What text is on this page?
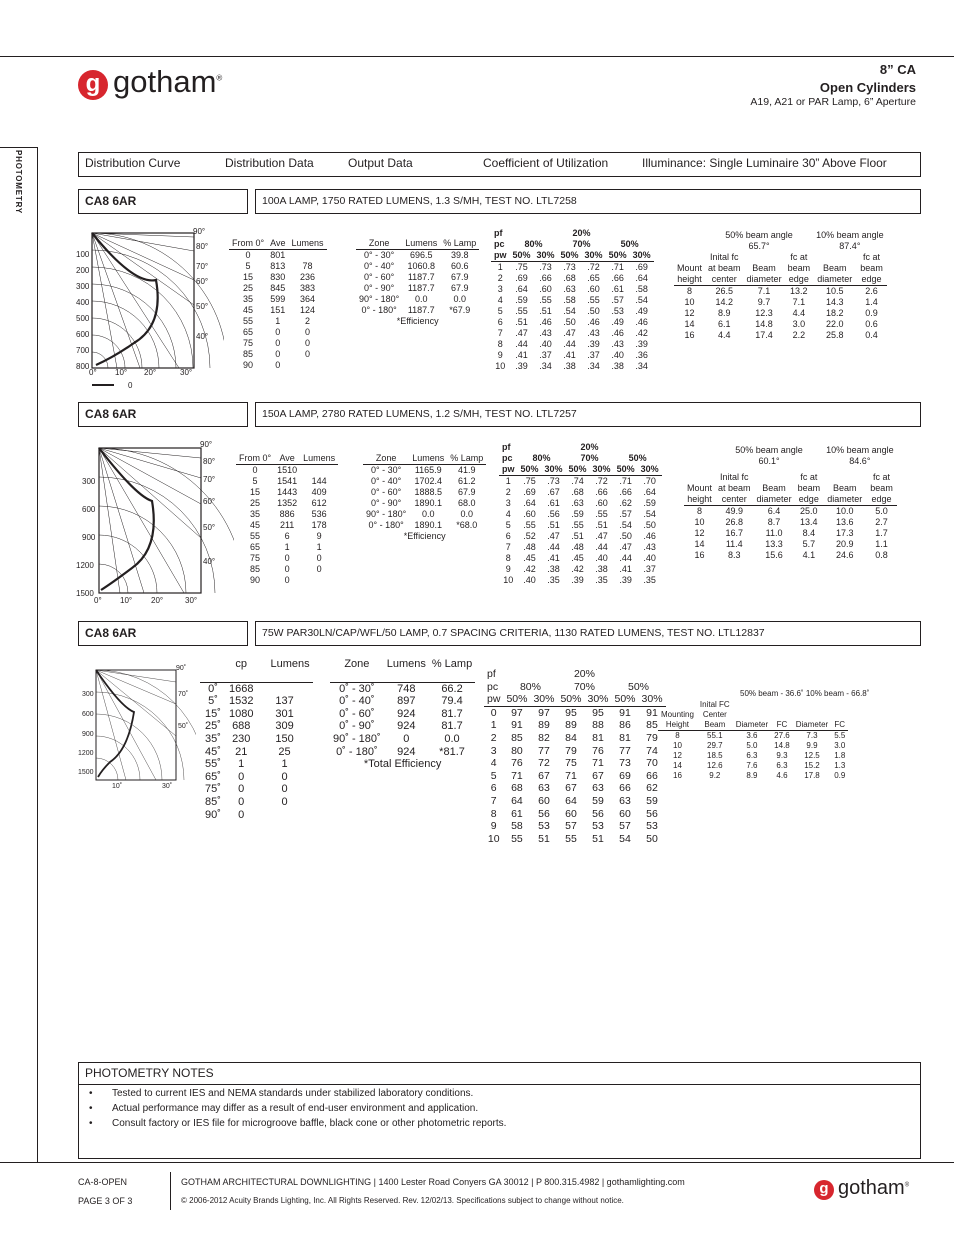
g gotham®
8” CA
Open Cylinders
A19, A21 or PAR Lamp, 6” Aperture
PHOTOMETRY	Distribution Curve	Distribution Data	Output Data	Coefficient of Utilization	Illuminance: Single Luminaire 30” Above Floor
CA8 6AR	100A LAMP, 1750 RATED LUMENS, 1.3 S/MH, TEST NO. LTL7258
90°
80°
70°
60°
50°
40°
100
200
300
400
500
600
700
800
0° 10° 20°	30°
0
From 0°	Ave	Lumens
0	801	
5	813	78
15	830	236
25	845	383
35	599	364
45	151	124
55	1	2
65	0	0
75	0	0
85	0	0
90	0	
Zone	Lumens	% Lamp
0° - 30°	696.5	39.8
0° - 40°	1060.8	60.6
0° - 60°	1187.7	67.9
0° - 90°	1187.7	67.9
90° - 180°	0.0	0.0
0° - 180°	1187.7	*67.9
*Efficiency		
pf	20%					
pc	80%		70%		50%	
pw	50%	30%	50%	30%	50%	30%
1	.75	.73	.73	.72	.71	.69
2	.69	.66	.68	.65	.66	.64
3	.64	.60	.63	.60	.61	.58
4	.59	.55	.58	.55	.57	.54
5	.55	.51	.54	.50	.53	.49
6	.51	.46	.50	.46	.49	.46
7	.47	.43	.47	.43	.46	.42
8	.44	.40	.44	.39	.43	.39
9	.41	.37	.41	.37	.40	.36
10	.39	.34	.38	.34	.38	.34
	50% beam angle			10% beam angle	
	65.7°			87.4°	
	Inital fc		fc at		fc at
Mount	at beam	Beam	beam	Beam	beam
height	center	diameter	edge	diameter	edge
8	26.5	7.1	13.2	10.5	2.6
10	14.2	9.7	7.1	14.3	1.4
12	8.9	12.3	4.4	18.2	0.9
14	6.1	14.8	3.0	22.0	0.6
16	4.4	17.4	2.2	25.8	0.4
CA8 6AR	150A LAMP, 2780 RATED LUMENS, 1.2 S/MH, TEST NO. LTL7257
90°
80°
70°
60°
50°
40°
300
600
900
1200
1500
0° 10° 20°	30°
From 0°	Ave	Lumens
0	1510	
5	1541	144
15	1443	409
25	1352	612
35	886	536
45	211	178
55	6	9
65	1	1
75	0	0
85	0	0
90	0	
Zone	Lumens	% Lamp
0° - 30°	1165.9	41.9
0° - 40°	1702.4	61.2
0° - 60°	1888.5	67.9
0° - 90°	1890.1	68.0
90° - 180°	0.0	0.0
0° - 180°	1890.1	*68.0
*Efficiency		
pf	20%					
pc	80%		70%		50%	
pw	50%	30%	50%	30%	50%	30%
1	.75	.73	.74	.72	.71	.70
2	.69	.67	.68	.66	.66	.64
3	.64	.61	.63	.60	.62	.59
4	.60	.56	.59	.55	.57	.54
5	.55	.51	.55	.51	.54	.50
6	.52	.47	.51	.47	.50	.46
7	.48	.44	.48	.44	.47	.43
8	.45	.41	.45	.40	.44	.40
9	.42	.38	.42	.38	.41	.37
10	.40	.35	.39	.35	.39	.35
	50% beam angle			10% beam angle	
	60.1°			84.6°	

	Inital fc		fc at		fc at
Mount	at beam	Beam	beam	Beam	beam
height	center	diameter	edge	diameter	edge
8	49.9	6.4	25.0	10.0	5.0
10	26.8	8.7	13.4	13.6	2.7
12	16.7	11.0	8.4	17.3	1.7
14	11.4	13.3	5.7	20.9	1.1
16	8.3	15.6	4.1	24.6	0.8
CA8 6AR	75W PAR30LN/CAP/WFL/50 LAMP, 0.7 SPACING CRITERIA, 1130 RATED LUMENS, TEST NO. LTL12837
90˚
70˚
50˚
300
600
900
1200
1500
10˚	30˚
	cp	Lumens

0˚	1668	
5˚	1532	137
15˚	1080	301
25˚	688	309
35˚	230	150
45˚	21	25
55˚	1	1
65˚	0	0
75˚	0	0
85˚	0	0
90˚	0	
Zone	Lumens	% Lamp

0˚ - 30˚	748	66.2
0˚ - 40˚	897	79.4
0˚ - 60˚	924	81.7
0˚ - 90˚	924	81.7
90˚ - 180˚	0	0.0
0˚ - 180˚	924	*81.7
*Total Efficiency		
pf	20%					
pc	80%		70%		50%	
pw	50%	30%	50%	30%	50%	30%
0	97	97	95	95	91	91
1	91	89	89	88	86	85
2	85	82	84	81	81	79
3	80	77	79	76	77	74
4	76	72	75	71	73	70
5	71	67	71	67	69	66
6	68	63	67	63	66	62
7	64	60	64	59	63	59
8	61	56	60	56	60	56
9	58	53	57	53	57	53
10	55	51	55	51	54	50
50% beam - 36.6˚ 10% beam - 66.8˚
	Inital FC				
Mounting	Center				
Height	Beam	Diameter	FC	Diameter	FC
8	55.1	3.6	27.6	7.3	5.5
10	29.7	5.0	14.8	9.9	3.0
12	18.5	6.3	9.3	12.5	1.8
14	12.6	7.6	6.3	15.2	1.3
16	9.2	8.9	4.6	17.8	0.9
PHOTOMETRY NOTES
• Tested to current IES and NEMA standards under stabilized laboratory conditions.
• Actual performance may differ as a result of end-user environment and application.
• Consult factory or IES file for microgroove baffle, black cone or other photometric reports.
CA-8-OPEN
PAGE 3 OF 3
GOTHAM ARCHITECTURAL DOWNLIGHTING | 1400 Lester Road Conyers GA 30012 | P 800.315.4982 | gothamlighting.com
© 2006-2012 Acuity Brands Lighting, Inc. All Rights Reserved. Rev. 12/02/13. Specifications subject to change without notice.
g gotham®
